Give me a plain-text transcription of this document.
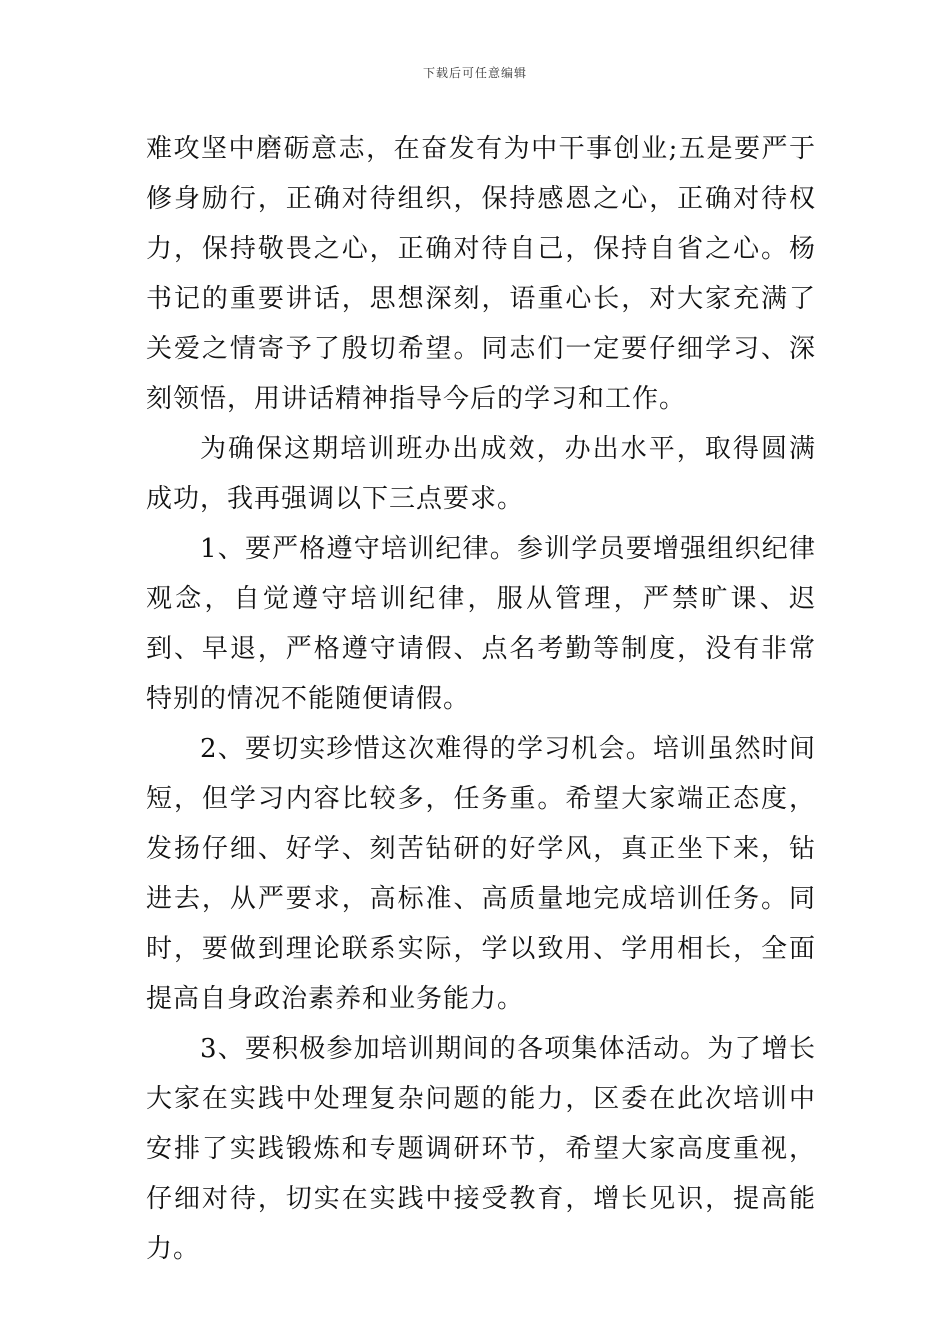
下载后可任意编辑

难攻坚中磨砺意志，在奋发有为中干事创业;五是要严于修身励行，正确对待组织，保持感恩之心，正确对待权力，保持敬畏之心，正确对待自己，保持自省之心。杨书记的重要讲话，思想深刻，语重心长，对大家充满了关爱之情寄予了殷切希望。同志们一定要仔细学习、深刻领悟，用讲话精神指导今后的学习和工作。

为确保这期培训班办出成效，办出水平，取得圆满成功，我再强调以下三点要求。

1、要严格遵守培训纪律。参训学员要增强组织纪律观念，自觉遵守培训纪律，服从管理，严禁旷课、迟到、早退，严格遵守请假、点名考勤等制度，没有非常特别的情况不能随便请假。

2、要切实珍惜这次难得的学习机会。培训虽然时间短，但学习内容比较多，任务重。希望大家端正态度，发扬仔细、好学、刻苦钻研的好学风，真正坐下来，钻进去，从严要求，高标准、高质量地完成培训任务。同时，要做到理论联系实际，学以致用、学用相长，全面提高自身政治素养和业务能力。

3、要积极参加培训期间的各项集体活动。为了增长大家在实践中处理复杂问题的能力，区委在此次培训中安排了实践锻炼和专题调研环节，希望大家高度重视，仔细对待，切实在实践中接受教育，增长见识，提高能力。
